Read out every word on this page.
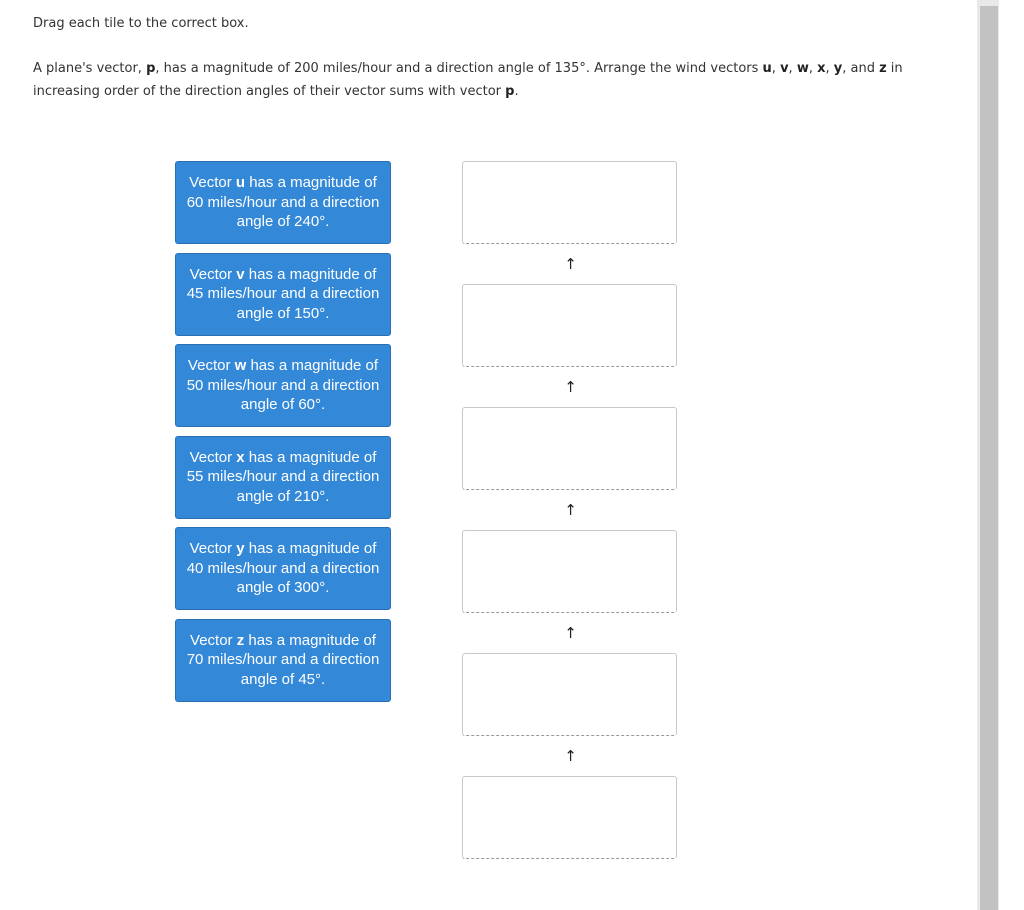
Drag each tile to the correct box.
A plane's vector, p, has a magnitude of 200 miles/hour and a direction angle of 135°. Arrange the wind vectors u, v, w, x, y, and z in increasing order of the direction angles of their vector sums with vector p.
Vector u has a magnitude of 60 miles/hour and a direction angle of 240°.
Vector v has a magnitude of 45 miles/hour and a direction angle of 150°.
Vector w has a magnitude of 50 miles/hour and a direction angle of 60°.
Vector x has a magnitude of 55 miles/hour and a direction angle of 210°.
Vector y has a magnitude of 40 miles/hour and a direction angle of 300°.
Vector z has a magnitude of 70 miles/hour and a direction angle of 45°.
↑
↑
↑
↑
↑
